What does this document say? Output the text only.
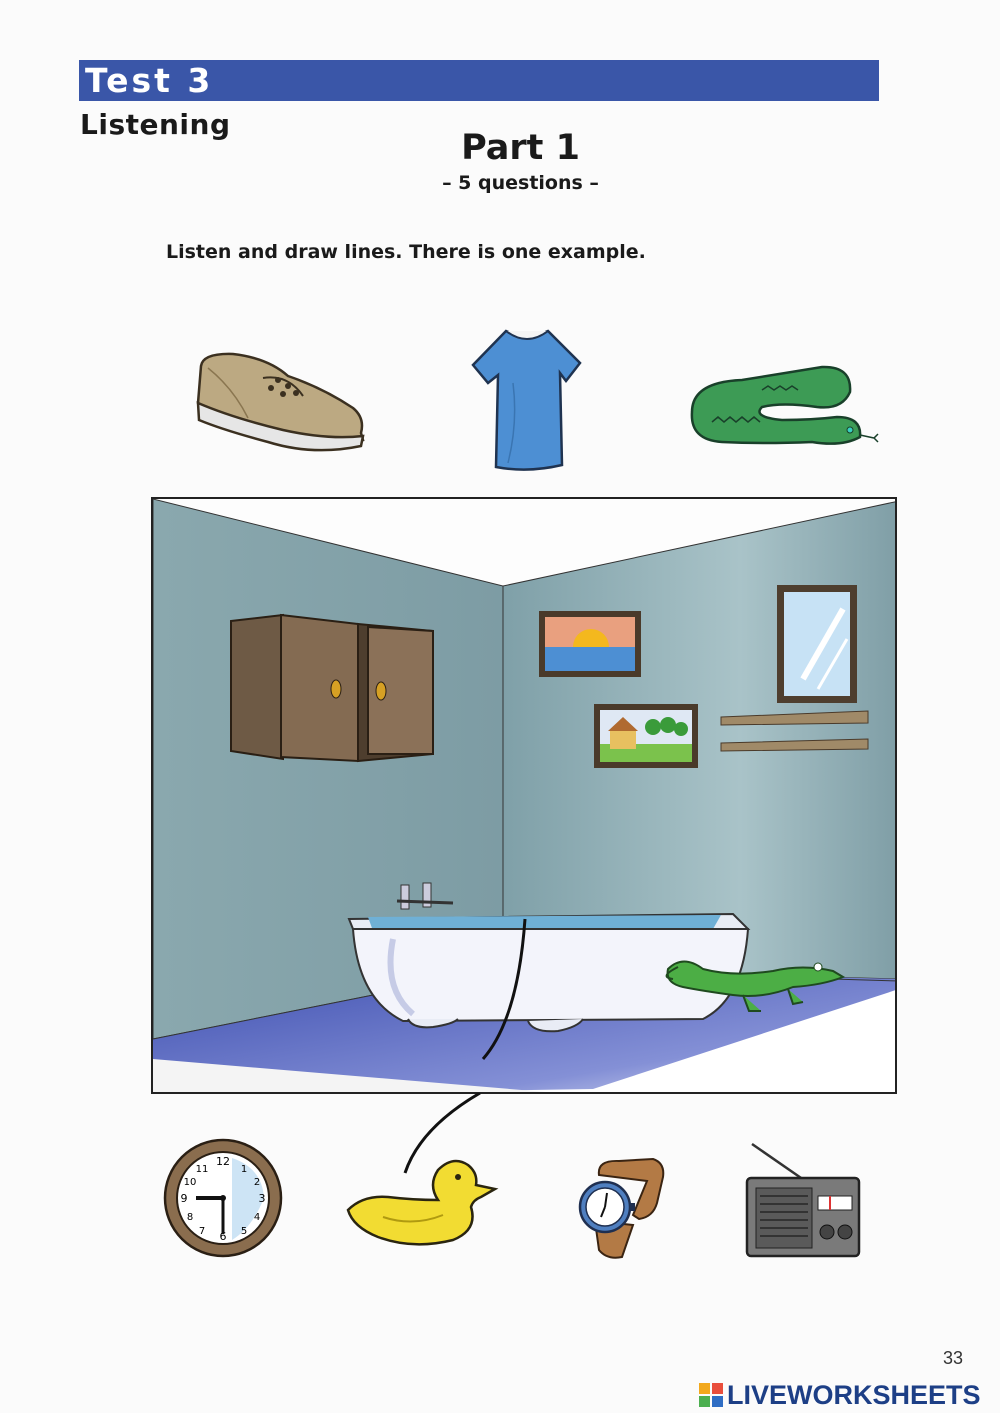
Test 3
Listening
Part 1
– 5 questions –
Listen and draw lines. There is one example.
12
6
9	3
1
2
4
5
7
8
10
11
33
LIVEWORKSHEETS
